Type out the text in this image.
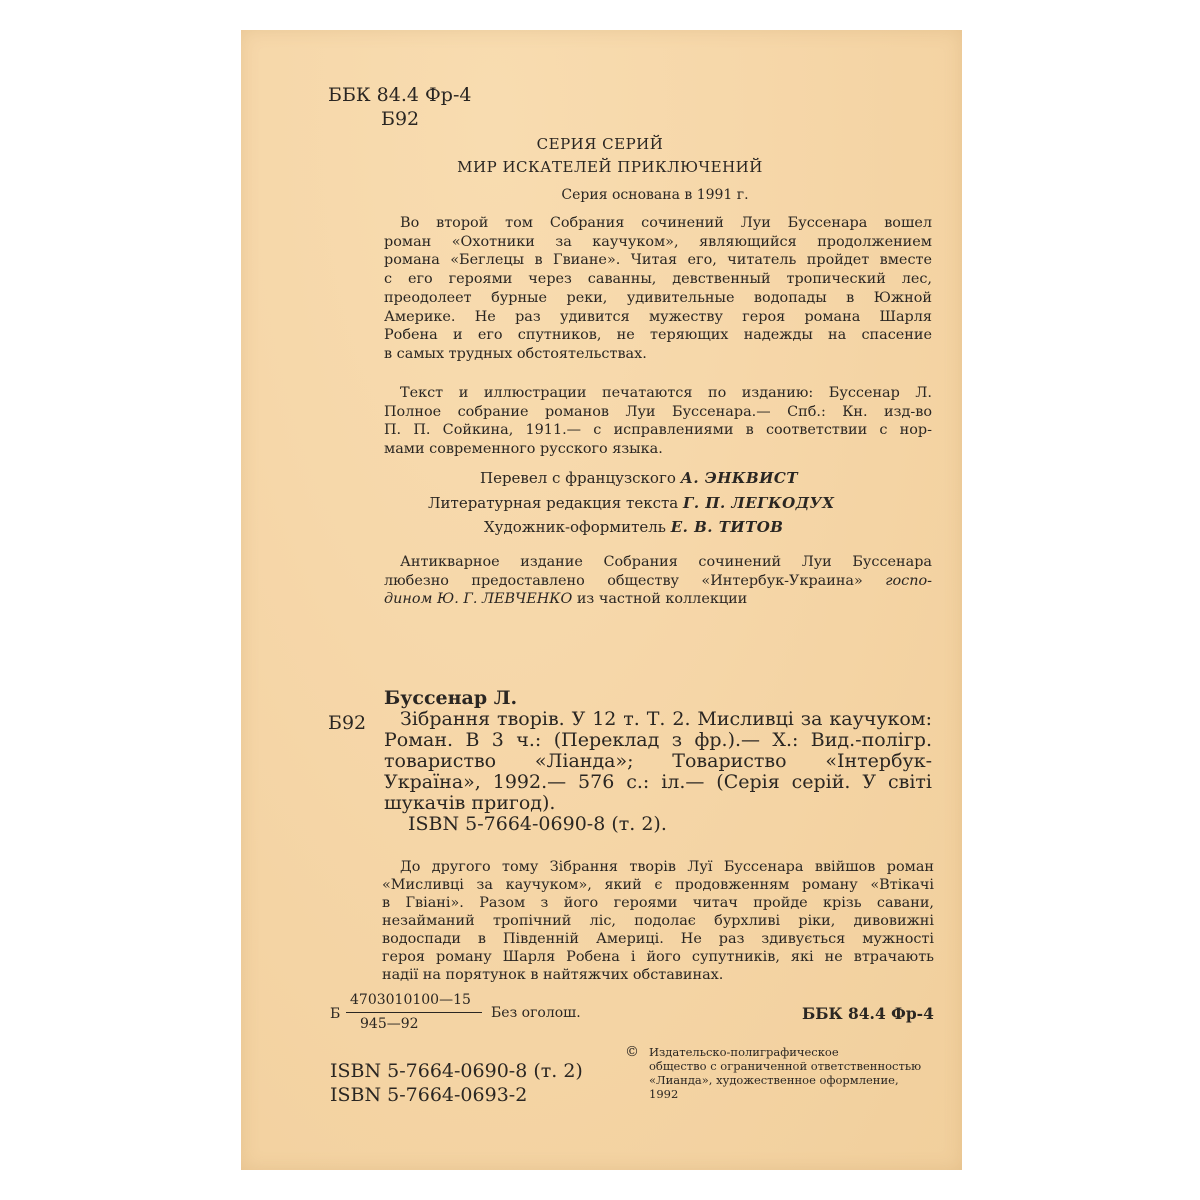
ББК 84.4 Фр-4

Б92

СЕРИЯ СЕРИЙ

МИР ИСКАТЕЛЕЙ ПРИКЛЮЧЕНИЙ

Серия основана в 1991 г.

Во второй том Собрания сочинений Луи Буссенара вошел
роман «Охотники за каучуком», являющийся продолжением
романа «Беглецы в Гвиане». Читая его, читатель пройдет вместе
с его героями через саванны, девственный тропический лес,
преодолеет бурные реки, удивительные водопады в Южной
Америке. Не раз удивится мужеству героя романа Шарля
Робена и его спутников, не теряющих надежды на спасение
в самых трудных обстоятельствах.
Текст и иллюстрации печатаются по изданию: Буссенар Л.
Полное собрание романов Луи Буссенара.— Спб.: Кн. изд-во
П. П. Сойкина, 1911.— с исправлениями в соответствии с нор-
мами современного русского языка.

Перевел с французского А. ЭНКВИСТ

Литературная редакция текста Г. П. ЛЕГКОДУХ

Художник-оформитель Е. В. ТИТОВ

Антикварное издание Собрания сочинений Луи Буссенара
любезно предоставлено обществу «Интербук-Украина» госпо-
дином Ю. Г. ЛЕВЧЕНКО из частной коллекции

Б92

Буссенар Л.
Зібрання творів. У 12 т. Т. 2. Мисливці за каучуком:
Роман. В 3 ч.: (Переклад з фр.).— Х.: Вид.-полігр.
товариство «Ліанда»; Товариство «Інтербук-
Україна», 1992.— 576 с.: іл.— (Серія серій. У світі
шукачів пригод).
ISBN 5-7664-0690-8 (т. 2).
До другого тому Зібрання творів Луї Буссенара ввійшов роман
«Мисливці за каучуком», який є продовженням роману «Втікачі
в Гвіані». Разом з його героями читач пройде крізь савани,
незайманий тропічний ліс, подолає бурхливі ріки, дивовижні
водоспади в Південній Америці. Не раз здивується мужності
героя роману Шарля Робена і його супутників, які не втрачають
надії на порятунок в найтяжчих обставинах.
Б
4703010100—15
945—92

Без оголош.	ББК 84.4 Фр-4

ISBN 5-7664-0690-8 (т. 2)

ISBN 5-7664-0693-2

© Издательско-полиграфическое
общество с ограниченной ответственностью
«Лианда», художественное оформление,
1992
